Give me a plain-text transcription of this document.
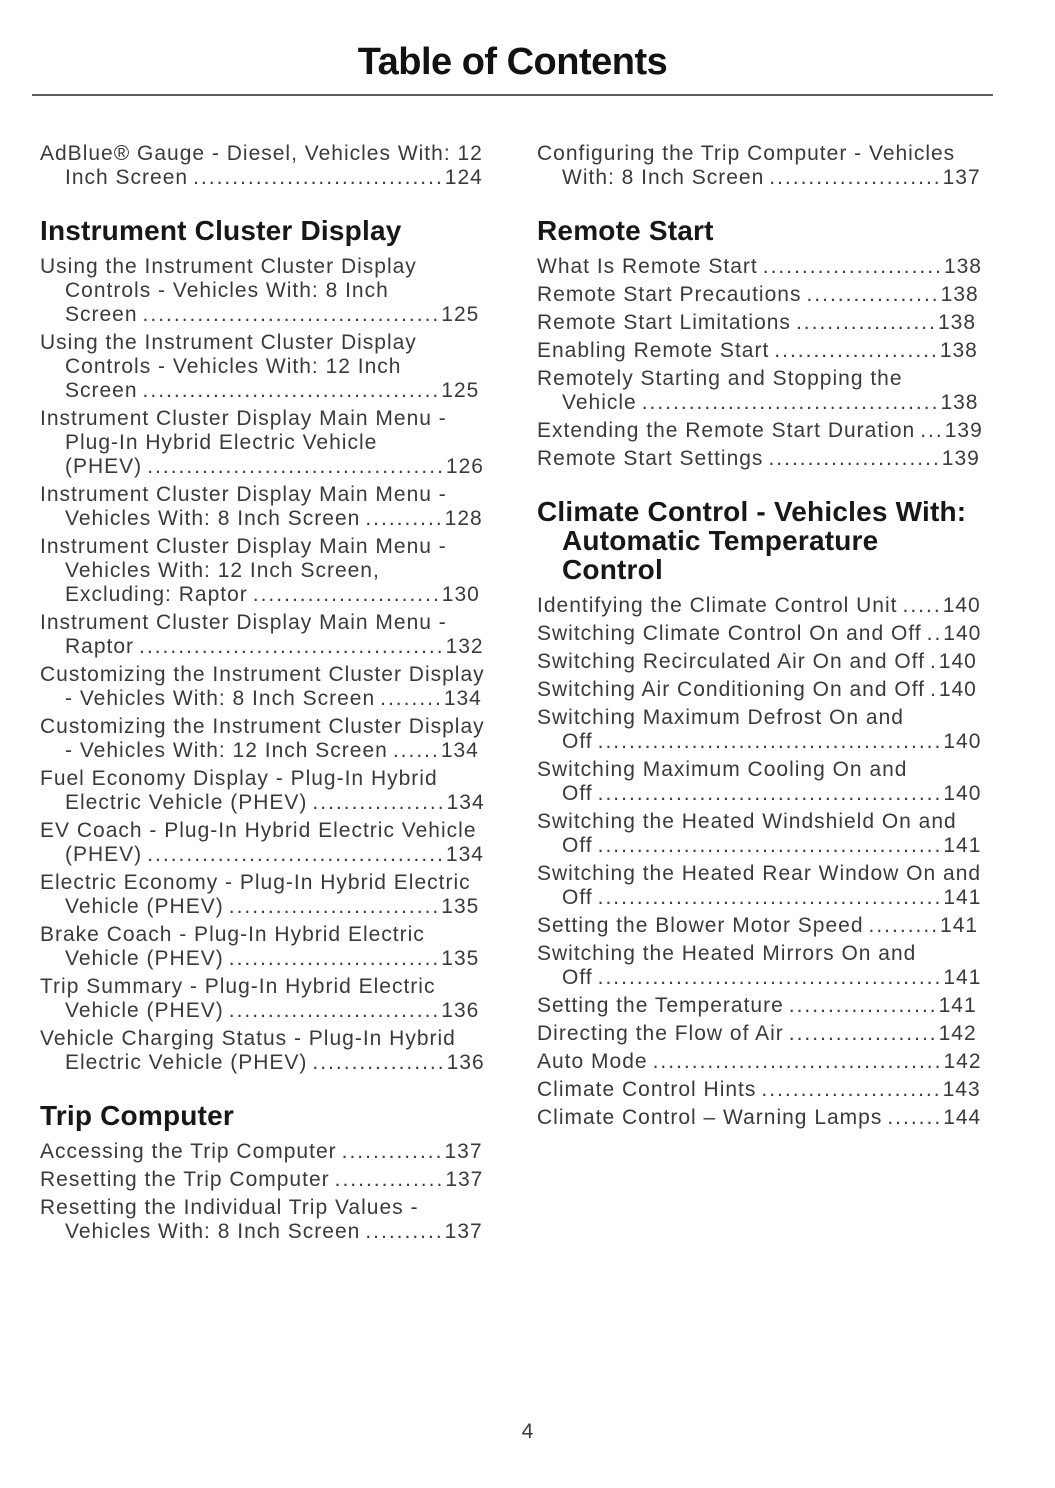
Table of Contents
AdBlue® Gauge - Diesel, Vehicles With: 12 Inch Screen ................................124
Instrument Cluster Display
Using the Instrument Cluster Display Controls - Vehicles With: 8 Inch Screen ......................................125
Using the Instrument Cluster Display Controls - Vehicles With: 12 Inch Screen ......................................125
Instrument Cluster Display Main Menu - Plug-In Hybrid Electric Vehicle (PHEV) ......................................126
Instrument Cluster Display Main Menu - Vehicles With: 8 Inch Screen ..........128
Instrument Cluster Display Main Menu - Vehicles With: 12 Inch Screen, Excluding: Raptor ........................130
Instrument Cluster Display Main Menu - Raptor .......................................132
Customizing the Instrument Cluster Display - Vehicles With: 8 Inch Screen ........134
Customizing the Instrument Cluster Display - Vehicles With: 12 Inch Screen ......134
Fuel Economy Display - Plug-In Hybrid Electric Vehicle (PHEV) .................134
EV Coach - Plug-In Hybrid Electric Vehicle (PHEV) ......................................134
Electric Economy - Plug-In Hybrid Electric Vehicle (PHEV) ...........................135
Brake Coach - Plug-In Hybrid Electric Vehicle (PHEV) ...........................135
Trip Summary - Plug-In Hybrid Electric Vehicle (PHEV) ...........................136
Vehicle Charging Status - Plug-In Hybrid Electric Vehicle (PHEV) .................136
Trip Computer
Accessing the Trip Computer .............137
Resetting the Trip Computer ..............137
Resetting the Individual Trip Values - Vehicles With: 8 Inch Screen ..........137
Configuring the Trip Computer - Vehicles With: 8 Inch Screen ......................137
Remote Start
What Is Remote Start .......................138
Remote Start Precautions .................138
Remote Start Limitations ..................138
Enabling Remote Start .....................138
Remotely Starting and Stopping the Vehicle ......................................138
Extending the Remote Start Duration ...139
Remote Start Settings ......................139
Climate Control - Vehicles With: Automatic Temperature Control
Identifying the Climate Control Unit .....140
Switching Climate Control On and Off ..140
Switching Recirculated Air On and Off .140
Switching Air Conditioning On and Off .140
Switching Maximum Defrost On and Off ............................................140
Switching Maximum Cooling On and Off ............................................140
Switching the Heated Windshield On and Off ............................................141
Switching the Heated Rear Window On and Off ............................................141
Setting the Blower Motor Speed .........141
Switching the Heated Mirrors On and Off ............................................141
Setting the Temperature ...................141
Directing the Flow of Air ...................142
Auto Mode .....................................142
Climate Control Hints .......................143
Climate Control – Warning Lamps .......144
4
